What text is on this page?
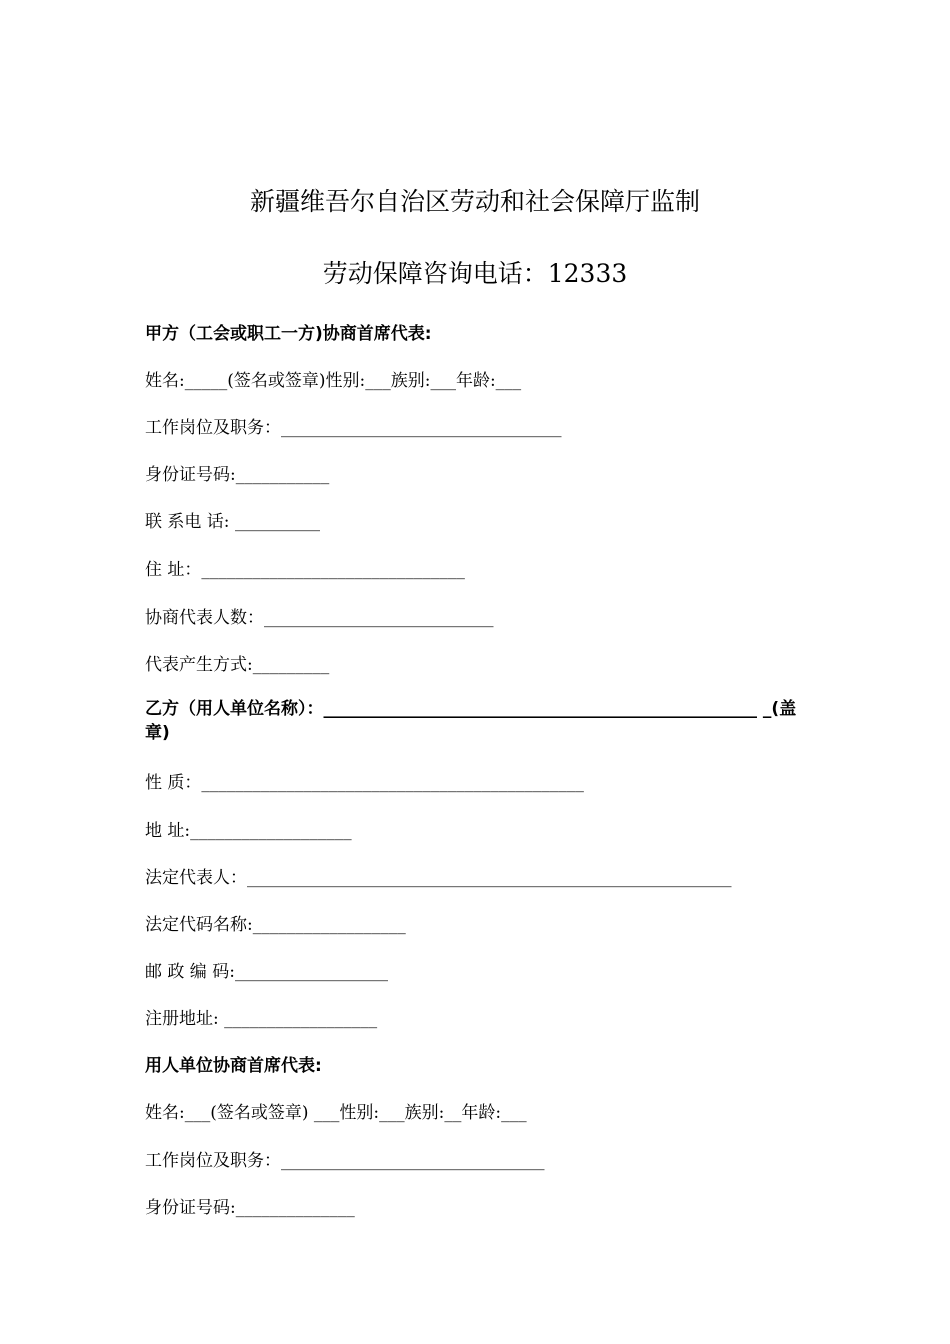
新疆维吾尔自治区劳动和社会保障厅监制
劳动保障咨询电话：12333
甲方（工会或职工一方)协商首席代表:
姓名:_____(签名或签章)性别:___族别:___年龄:___
工作岗位及职务：_________________________________
身份证号码:___________
联 系电 话: __________
住 址：_______________________________
协商代表人数：___________________________
代表产生方式:_________
乙方（用人单位名称）：___________________________________________________ _(盖章)
性 质：_____________________________________________
地 址:___________________
法定代表人：_________________________________________________________
法定代码名称:__________________
邮 政 编 码:__________________
注册地址: __________________
用人单位协商首席代表:
姓名:___(签名或签章) ___性别:___族别:__年龄:___
工作岗位及职务：_______________________________
身份证号码:______________
